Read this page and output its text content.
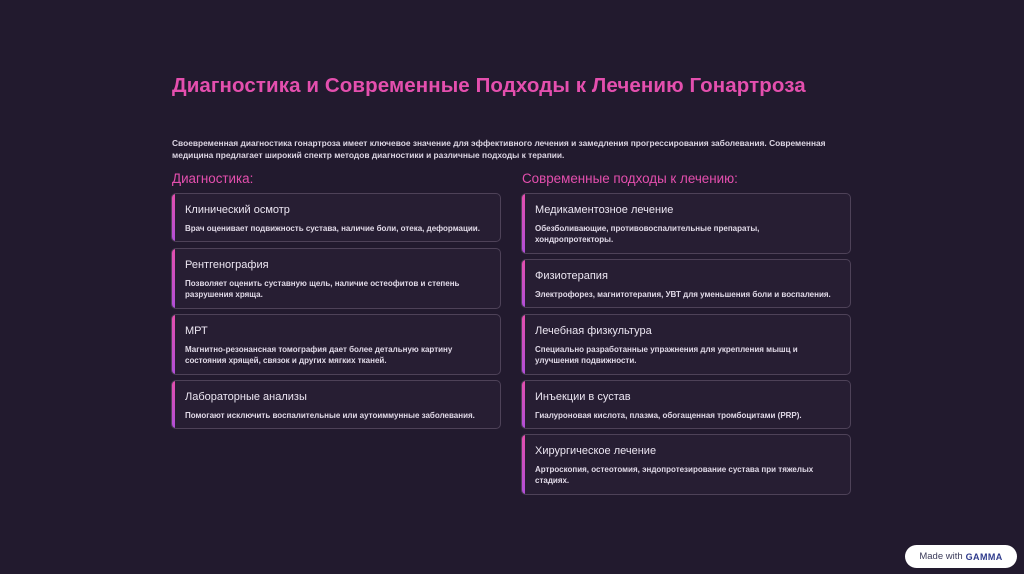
Диагностика и Современные Подходы к Лечению Гонартроза
Своевременная диагностика гонартроза имеет ключевое значение для эффективного лечения и замедления прогрессирования заболевания. Современная медицина предлагает широкий спектр методов диагностики и различные подходы к терапии.
Диагностика:
Клинический осмотр
Врач оценивает подвижность сустава, наличие боли, отека, деформации.
Рентгенография
Позволяет оценить суставную щель, наличие остеофитов и степень разрушения хряща.
МРТ
Магнитно-резонансная томография дает более детальную картину состояния хрящей, связок и других мягких тканей.
Лабораторные анализы
Помогают исключить воспалительные или аутоиммунные заболевания.
Современные подходы к лечению:
Медикаментозное лечение
Обезболивающие, противовоспалительные препараты, хондропротекторы.
Физиотерапия
Электрофорез, магнитотерапия, УВТ для уменьшения боли и воспаления.
Лечебная физкультура
Специально разработанные упражнения для укрепления мышц и улучшения подвижности.
Инъекции в сустав
Гиалуроновая кислота, плазма, обогащенная тромбоцитами (PRP).
Хирургическое лечение
Артроскопия, остеотомия, эндопротезирование сустава при тяжелых стадиях.
Made with GAMMA
